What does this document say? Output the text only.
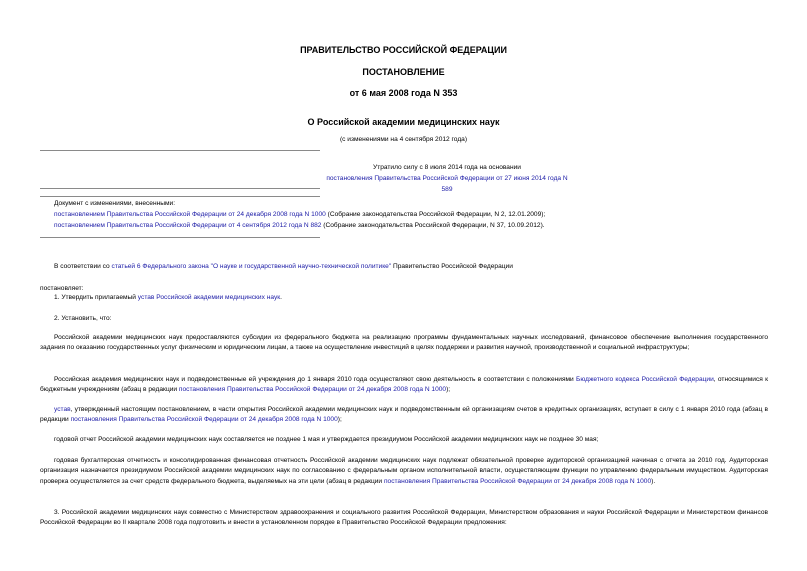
ПРАВИТЕЛЬСТВО РОССИЙСКОЙ ФЕДЕРАЦИИ
ПОСТАНОВЛЕНИЕ
от 6 мая 2008 года N 353
О Российской академии медицинских наук
(с изменениями на 4 сентября 2012 года)
Утратило силу с 8 июля 2014 года на основании
постановления Правительства Российской Федерации от 27 июня 2014 года N 589
Документ с изменениями, внесенными:
постановлением Правительства Российской Федерации от 24 декабря 2008 года N 1000 (Собрание законодательства Российской Федерации, N 2, 12.01.2009);
постановлением Правительства Российской Федерации от 4 сентября 2012 года N 882 (Собрание законодательства Российской Федерации, N 37, 10.09.2012).
В соответствии со статьей 6 Федерального закона "О науке и государственной научно-технической политике" Правительство Российской Федерации
постановляет:
1. Утвердить прилагаемый устав Российской академии медицинских наук.
2. Установить, что:
Российской академии медицинских наук предоставляются субсидии из федерального бюджета на реализацию программы фундаментальных научных исследований, финансовое обеспечение выполнения государственного задания по оказанию государственных услуг физическим и юридическим лицам, а также на осуществление инвестиций в целях поддержки и развития научной, производственной и социальной инфраструктуры;
Российская академия медицинских наук и подведомственные ей учреждения до 1 января 2010 года осуществляют свою деятельность в соответствии с положениями Бюджетного кодекса Российской Федерации, относящимися к бюджетным учреждениям (абзац в редакции постановления Правительства Российской Федерации от 24 декабря 2008 года N 1000);
устав, утвержденный настоящим постановлением, в части открытия Российской академии медицинских наук и подведомственным ей организациям счетов в кредитных организациях, вступает в силу с 1 января 2010 года (абзац в редакции постановления Правительства Российской Федерации от 24 декабря 2008 года N 1000);
годовой отчет Российской академии медицинских наук составляется не позднее 1 мая и утверждается президиумом Российской академии медицинских наук не позднее 30 мая;
годовая бухгалтерская отчетность и консолидированная финансовая отчетность Российской академии медицинских наук подлежат обязательной проверке аудиторской организацией начиная с отчета за 2010 год. Аудиторская организация назначается президиумом Российской академии медицинских наук по согласованию с федеральным органом исполнительной власти, осуществляющим функции по управлению федеральным имуществом. Аудиторская проверка осуществляется за счет средств федерального бюджета, выделяемых на эти цели (абзац в редакции постановления Правительства Российской Федерации от 24 декабря 2008 года N 1000).
3. Российской академии медицинских наук совместно с Министерством здравоохранения и социального развития Российской Федерации, Министерством образования и науки Российской Федерации и Министерством финансов Российской Федерации во II квартале 2008 года подготовить и внести в установленном порядке в Правительство Российской Федерации предложения:
